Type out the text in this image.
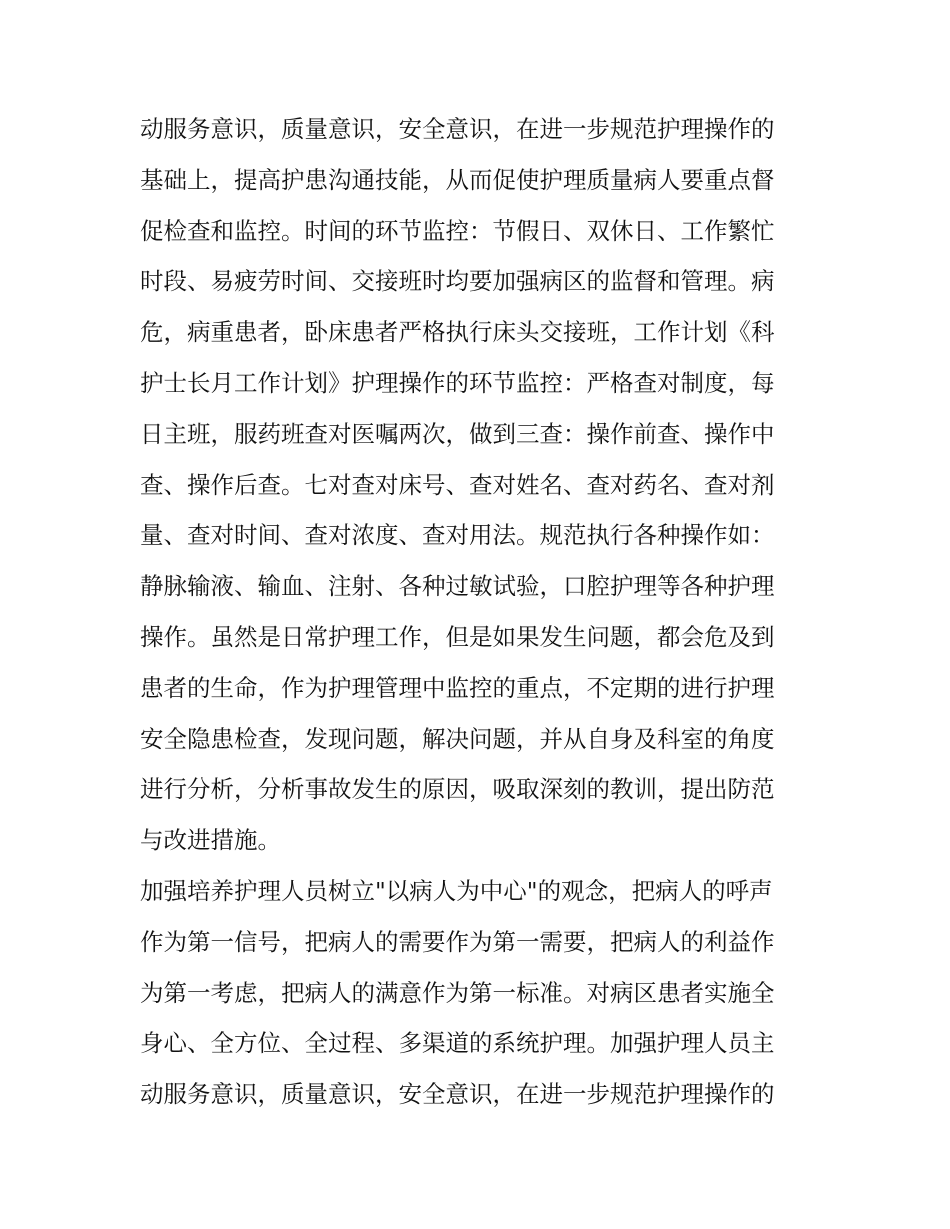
动服务意识，质量意识，安全意识，在进一步规范护理操作的
基础上，提高护患沟通技能，从而促使护理质量病人要重点督
促检查和监控。时间的环节监控：节假日、双休日、工作繁忙
时段、易疲劳时间、交接班时均要加强病区的监督和管理。病
危，病重患者，卧床患者严格执行床头交接班，工作计划《科
护士长月工作计划》护理操作的环节监控：严格查对制度，每
日主班，服药班查对医嘱两次，做到三查：操作前查、操作中
查、操作后查。七对查对床号、查对姓名、查对药名、查对剂
量、查对时间、查对浓度、查对用法。规范执行各种操作如：
静脉输液、输血、注射、各种过敏试验，口腔护理等各种护理
操作。虽然是日常护理工作，但是如果发生问题，都会危及到
患者的生命，作为护理管理中监控的重点，不定期的进行护理
安全隐患检查，发现问题，解决问题，并从自身及科室的角度
进行分析，分析事故发生的原因，吸取深刻的教训，提出防范
与改进措施。
加强培养护理人员树立"以病人为中心"的观念，把病人的呼声
作为第一信号，把病人的需要作为第一需要，把病人的利益作
为第一考虑，把病人的满意作为第一标准。对病区患者实施全
身心、全方位、全过程、多渠道的系统护理。加强护理人员主
动服务意识，质量意识，安全意识，在进一步规范护理操作的
